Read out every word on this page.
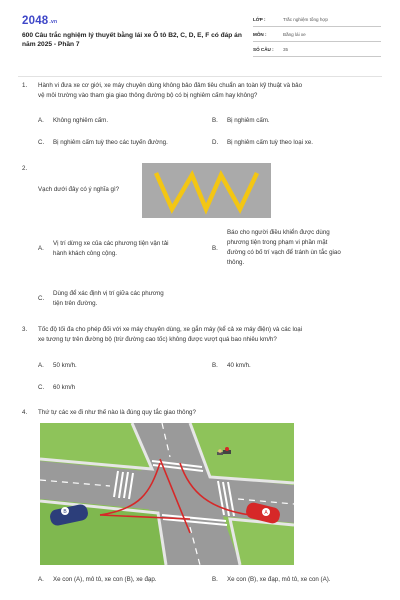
2048.vn
600 Câu trắc nghiệm lý thuyết bằng lái xe Ô tô B2, C, D, E, F có đáp án năm 2025 - Phần 7
LỚP :	Trắc nghiệm tổng hợp
MÔN :	Bằng lái xe
SỐ CÂU : 35
1. Hành vi đưa xe cơ giới, xe máy chuyên dùng không bảo đảm tiêu chuẩn an toàn kỹ thuật và bảo
vệ môi trường vào tham gia giao thông đường bộ có bị nghiêm cấm hay không?
A. Không nghiêm cấm.	B. Bị nghiêm cấm.
C. Bị nghiêm cấm tuỳ theo các tuyến đường.	D. Bị nghiêm cấm tuỳ theo loại xe.
2.
Vạch dưới đây có ý nghĩa gì?
A.
Vị trí dừng xe của các phương tiện vận tải
hành khách công cộng.
B.
Báo cho người điều khiển được dùng
phương tiện trong phạm vi phần mặt
đường có bố trí vạch để tránh ùn tắc giao
thông.
C.
Dùng để xác định vị trí giữa các phương
tiện trên đường.
3. Tốc độ tối đa cho phép đối với xe máy chuyên dùng, xe gắn máy (kể cả xe máy điện) và các loại
xe tương tự trên đường bộ (trừ đường cao tốc) không được vượt quá bao nhiêu km/h?
A. 50 km/h.	B. 40 km/h.
C. 60 km/h
4. Thứ tự các xe đi như thế nào là đúng quy tắc giao thông?
B	A
A. Xe con (A), mô tô, xe con (B), xe đạp.	B. Xe con (B), xe đạp, mô tô, xe con (A).
